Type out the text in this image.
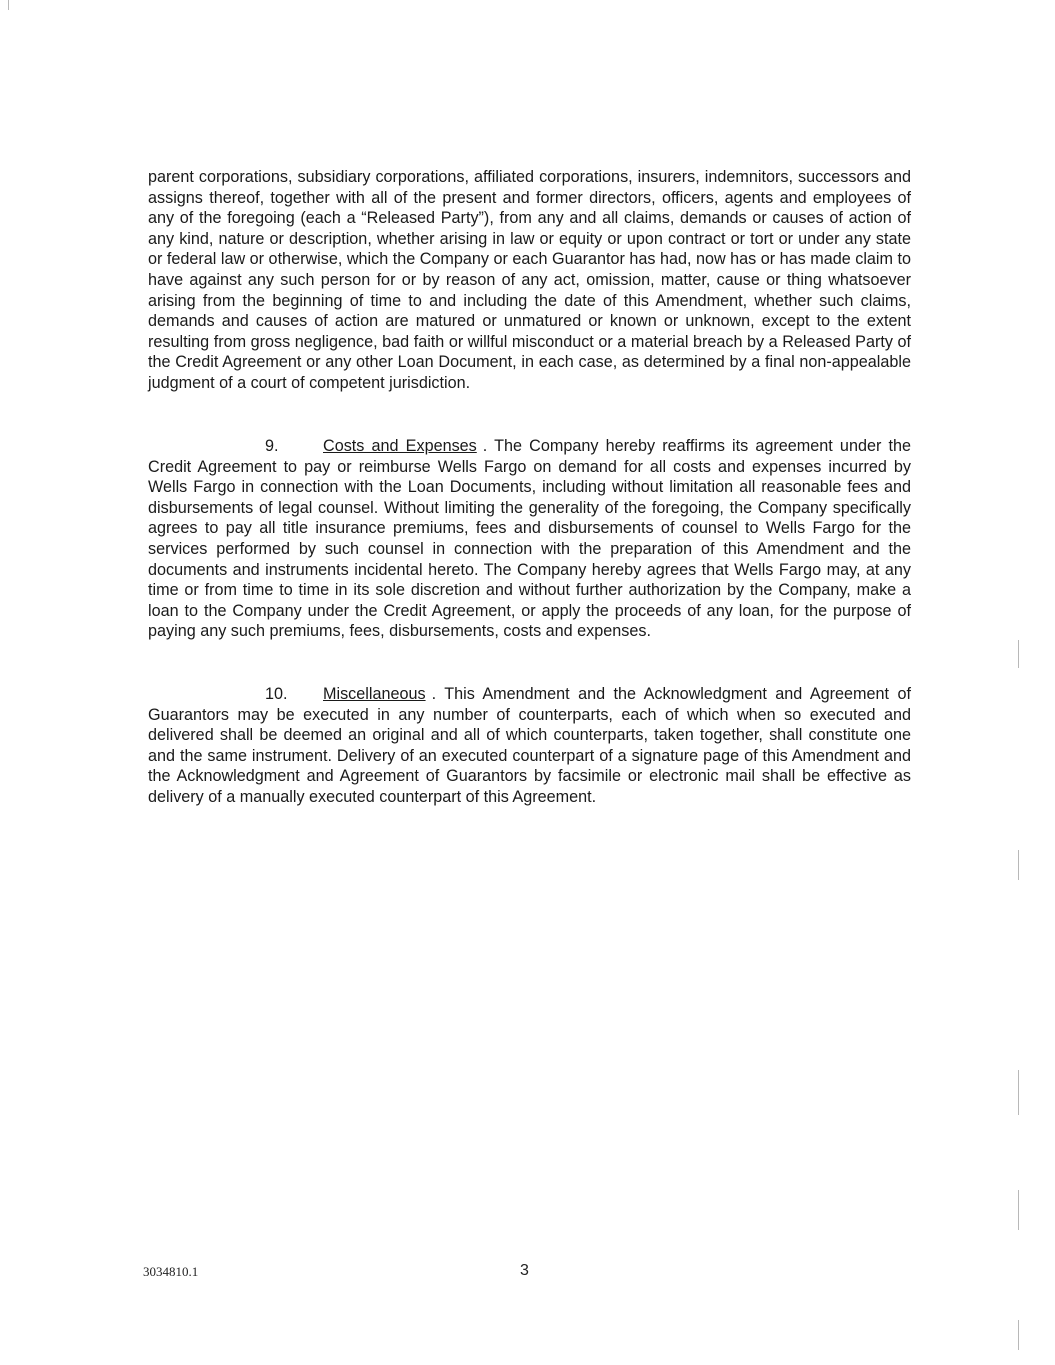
parent corporations, subsidiary corporations, affiliated corporations, insurers, indemnitors, successors and assigns thereof, together with all of the present and former directors, officers, agents and employees of any of the foregoing (each a “Released Party”), from any and all claims, demands or causes of action of any kind, nature or description, whether arising in law or equity or upon contract or tort or under any state or federal law or otherwise, which the Company or each Guarantor has had, now has or has made claim to have against any such person for or by reason of any act, omission, matter, cause or thing whatsoever arising from the beginning of time to and including the date of this Amendment, whether such claims, demands and causes of action are matured or unmatured or known or unknown, except to the extent resulting from gross negligence, bad faith or willful misconduct or a material breach by a Released Party of the Credit Agreement or any other Loan Document, in each case, as determined by a final non-appealable judgment of a court of competent jurisdiction.

9.	Costs and Expenses . The Company hereby reaffirms its agreement under the Credit Agreement to pay or reimburse Wells Fargo on demand for all costs and expenses incurred by Wells Fargo in connection with the Loan Documents, including without limitation all reasonable fees and disbursements of legal counsel. Without limiting the generality of the foregoing, the Company specifically agrees to pay all title insurance premiums, fees and disbursements of counsel to Wells Fargo for the services performed by such counsel in connection with the preparation of this Amendment and the documents and instruments incidental hereto. The Company hereby agrees that Wells Fargo may, at any time or from time to time in its sole discretion and without further authorization by the Company, make a loan to the Company under the Credit Agreement, or apply the proceeds of any loan, for the purpose of paying any such premiums, fees, disbursements, costs and expenses.

10. Miscellaneous . This Amendment and the Acknowledgment and Agreement of Guarantors may be executed in any number of counterparts, each of which when so executed and delivered shall be deemed an original and all of which counterparts, taken together, shall constitute one and the same instrument. Delivery of an executed counterpart of a signature page of this Amendment and the Acknowledgment and Agreement of Guarantors by facsimile or electronic mail shall be effective as delivery of a manually executed counterpart of this Agreement.

3034810.1	3
